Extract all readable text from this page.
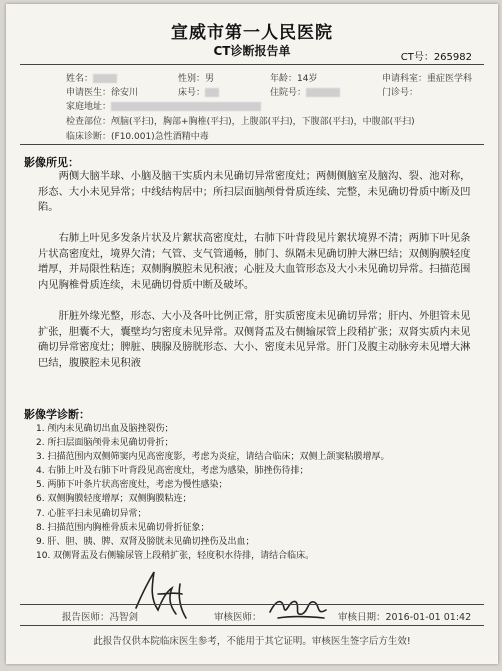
宣威市第一人民医院
CT诊断报告单	CT号：265982
姓名：	性别：男	年龄：14岁	申请科室：重症医学科
申请医生：徐安川	床号：	住院号：	门诊号：
家庭地址：
检查部位：颅脑(平扫)，胸部+胸椎(平扫)，上腹部(平扫)，下腹部(平扫)，中腹部(平扫)
临床诊断：(F10.001)急性酒精中毒
影像所见：
两侧大脑半球、小脑及脑干实质内未见确切异常密度灶；两侧侧脑室及脑沟、裂、池对称，形态、大小未见异常；中线结构居中；所扫层面脑颅骨骨质连续、完整，未见确切骨质中断及凹陷。
右肺上叶见多发条片状及片絮状高密度灶，右肺下叶背段见片絮状境界不清；两肺下叶见条片状高密度灶，境界欠清；气管、支气管通畅，肺门、纵隔未见确切肿大淋巴结；双侧胸膜轻度增厚，并局限性粘连；双侧胸膜腔未见积液；心脏及大血管形态及大小未见确切异常。扫描范围内见胸椎骨质连续，未见确切骨质中断及破坏。
肝脏外缘光整，形态、大小及各叶比例正常，肝实质密度未见确切异常；肝内、外胆管未见扩张，胆囊不大，囊壁均匀密度未见异常。双侧肾盂及右侧输尿管上段稍扩张；双肾实质内未见确切异常密度灶；脾脏、胰腺及膀胱形态、大小、密度未见异常。肝门及腹主动脉旁未见增大淋巴结，腹膜腔未见积液
影像学诊断：
1. 颅内未见确切出血及脑挫裂伤；
2. 所扫层面脑颅骨未见确切骨折；
3. 扫描范围内双侧筛窦内见高密度影，考虑为炎症，请结合临床；双侧上颌窦粘膜增厚。
4. 右肺上叶及右肺下叶背段见高密度灶，考虑为感染，肺挫伤待排；
5. 两肺下叶条片状高密度灶，考虑为慢性感染；
6. 双侧胸膜轻度增厚；双侧胸膜粘连；
7. 心脏平扫未见确切异常；
8. 扫描范围内胸椎骨质未见确切骨折征象；
9. 肝、胆、胰、脾、双肾及膀胱未见确切挫伤及出血；
10. 双侧肾盂及右侧输尿管上段稍扩张，轻度积水待排，请结合临床。
报告医师：冯智剑	审核医师：	审核日期：2016-01-01 01:42
此报告仅供本院临床医生参考，不能用于其它证明。审核医生签字后方生效!
